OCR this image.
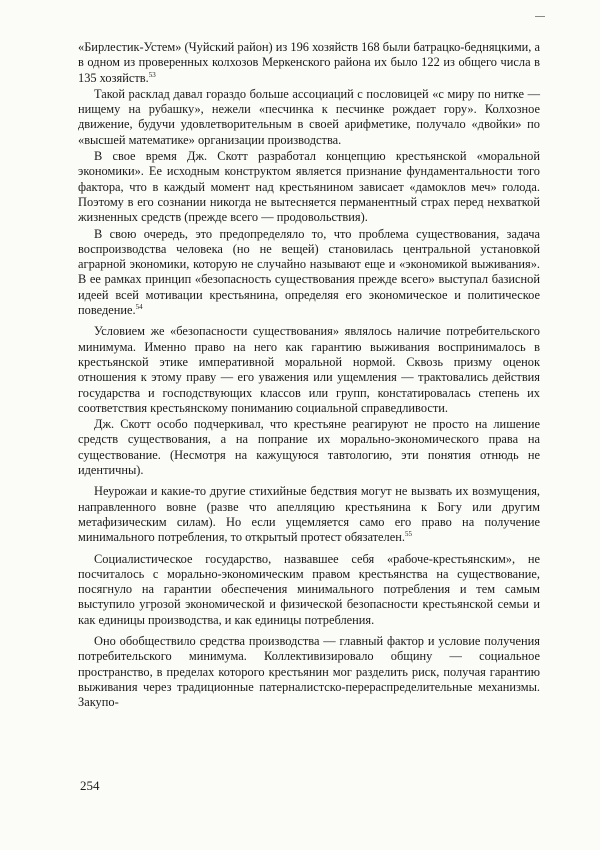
«Бирлестик-Устем» (Чуйский район) из 196 хозяйств 168 были батрацко-бедняцкими, а в одном из проверенных колхозов Меркенского района их было 122 из общего числа в 135 хозяйств.$^{53}$

Такой расклад давал гораздо больше ассоциаций с пословицей «с миру по нитке — нищему на рубашку», нежели «песчинка к песчинке рождает гору». Колхозное движение, будучи удовлетворительным в своей арифметике, получало «двойки» по «высшей математике» организации производства.

В свое время Дж. Скотт разработал концепцию крестьянской «моральной экономики». Ее исходным конструктом является признание фундаментальности того фактора, что в каждый момент над крестьянином зависает «дамоклов меч» голода. Поэтому в его сознании никогда не вытесняется перманентный страх перед нехваткой жизненных средств (прежде всего — продовольствия).

В свою очередь, это предопределяло то, что проблема существования, задача воспроизводства человека (но не вещей) становилась центральной установкой аграрной экономики, которую не случайно называют еще и «экономикой выживания». В ее рамках принцип «безопасность существования прежде всего» выступал базисной идеей всей мотивации крестьянина, определяя его экономическое и политическое поведение.$^{54}$

Условием же «безопасности существования» являлось наличие потребительского минимума. Именно право на него как гарантию выживания воспринималось в крестьянской этике императивной моральной нормой. Сквозь призму оценок отношения к этому праву — его уважения или ущемления — трактовались действия государства и господствующих классов или групп, констатировалась степень их соответствия крестьянскому пониманию социальной справедливости.

Дж. Скотт особо подчеркивал, что крестьяне реагируют не просто на лишение средств существования, а на попрание их морально-экономического права на существование. (Несмотря на кажущуюся тавтологию, эти понятия отнюдь не идентичны).

Неурожаи и какие-то другие стихийные бедствия могут не вызвать их возмущения, направленного вовне (разве что апелляцию крестьянина к Богу или другим метафизическим силам). Но если ущемляется само его право на получение минимального потребления, то открытый протест обязателен.$^{55}$

Социалистическое государство, назвавшее себя «рабоче-крестьянским», не посчиталось с морально-экономическим правом крестьянства на существование, посягнуло на гарантии обеспечения минимального потребления и тем самым выступило угрозой экономической и физической безопасности крестьянской семьи и как единицы производства, и как единицы потребления.

Оно обобществило средства производства — главный фактор и условие получения потребительского минимума. Коллективизировало общину — социальное пространство, в пределах которого крестьянин мог разделить риск, получая гарантию выживания через традиционные патерналистско-перераспределительные механизмы. Закупо-

254
